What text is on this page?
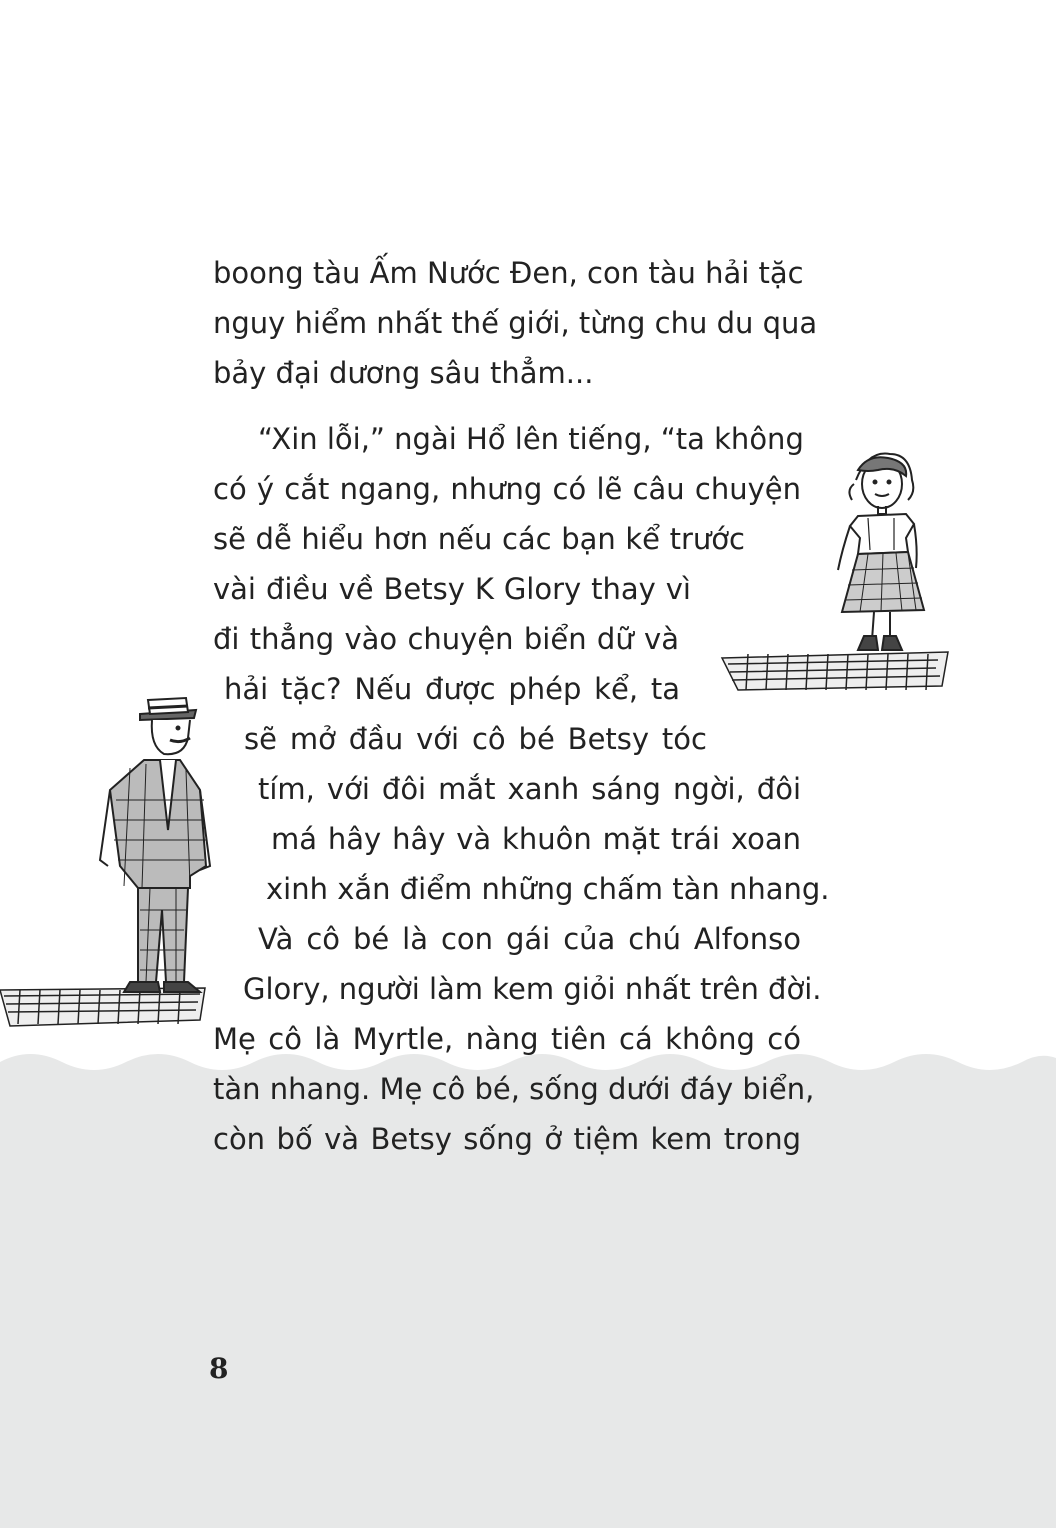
boong tàu Ấm Nước Đen, con tàu hải tặc
nguy hiểm nhất thế giới, từng chu du qua
bảy đại dương sâu thẳm...
“Xin lỗi,” ngài Hổ lên tiếng, “ta không
có ý cắt ngang, nhưng có lẽ câu chuyện
sẽ dễ hiểu hơn nếu các bạn kể trước
vài điều về Betsy K Glory thay vì
đi thẳng vào chuyện biển dữ và
hải tặc? Nếu được phép kể, ta
sẽ mở đầu với cô bé Betsy tóc
tím, với đôi mắt xanh sáng ngời, đôi
má hây hây và khuôn mặt trái xoan
xinh xắn điểm những chấm tàn nhang.
Và cô bé là con gái của chú Alfonso
Glory, người làm kem giỏi nhất trên đời.
Mẹ cô là Myrtle, nàng tiên cá không có
tàn nhang. Mẹ cô bé, sống dưới đáy biển,
còn bố và Betsy sống ở tiệm kem trong
8
